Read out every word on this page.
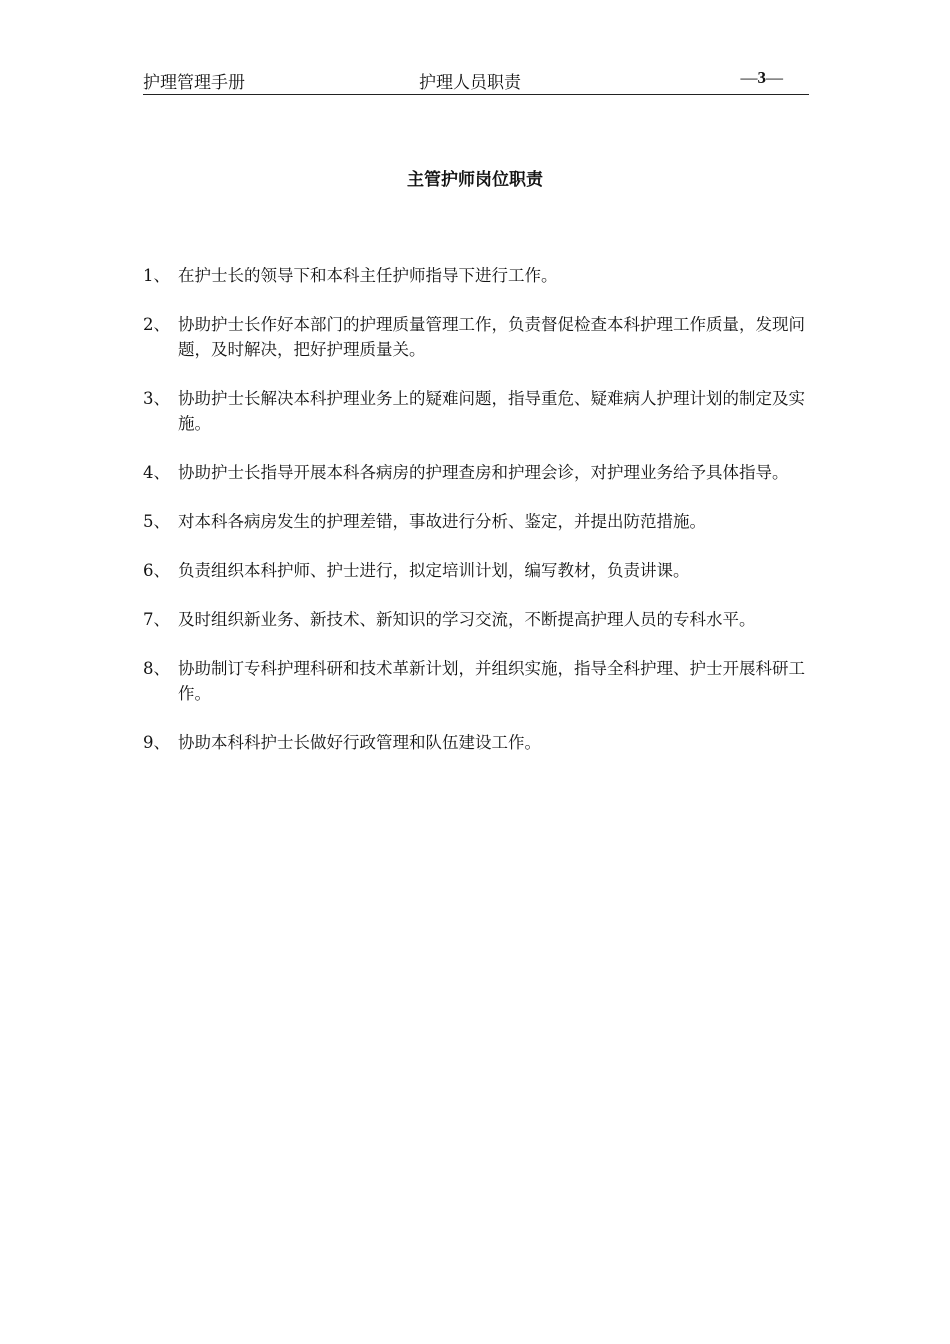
护理管理手册	护理人员职责	—3—
主管护师岗位职责
1、 在护士长的领导下和本科主任护师指导下进行工作。
2、 协助护士长作好本部门的护理质量管理工作，负责督促检查本科护理工作质量，发现问题，及时解决，把好护理质量关。
3、 协助护士长解决本科护理业务上的疑难问题，指导重危、疑难病人护理计划的制定及实施。
4、 协助护士长指导开展本科各病房的护理查房和护理会诊，对护理业务给予具体指导。
5、 对本科各病房发生的护理差错，事故进行分析、鉴定，并提出防范措施。
6、 负责组织本科护师、护士进行，拟定培训计划，编写教材，负责讲课。
7、 及时组织新业务、新技术、新知识的学习交流，不断提高护理人员的专科水平。
8、 协助制订专科护理科研和技术革新计划，并组织实施，指导全科护理、护士开展科研工作。
9、 协助本科科护士长做好行政管理和队伍建设工作。
